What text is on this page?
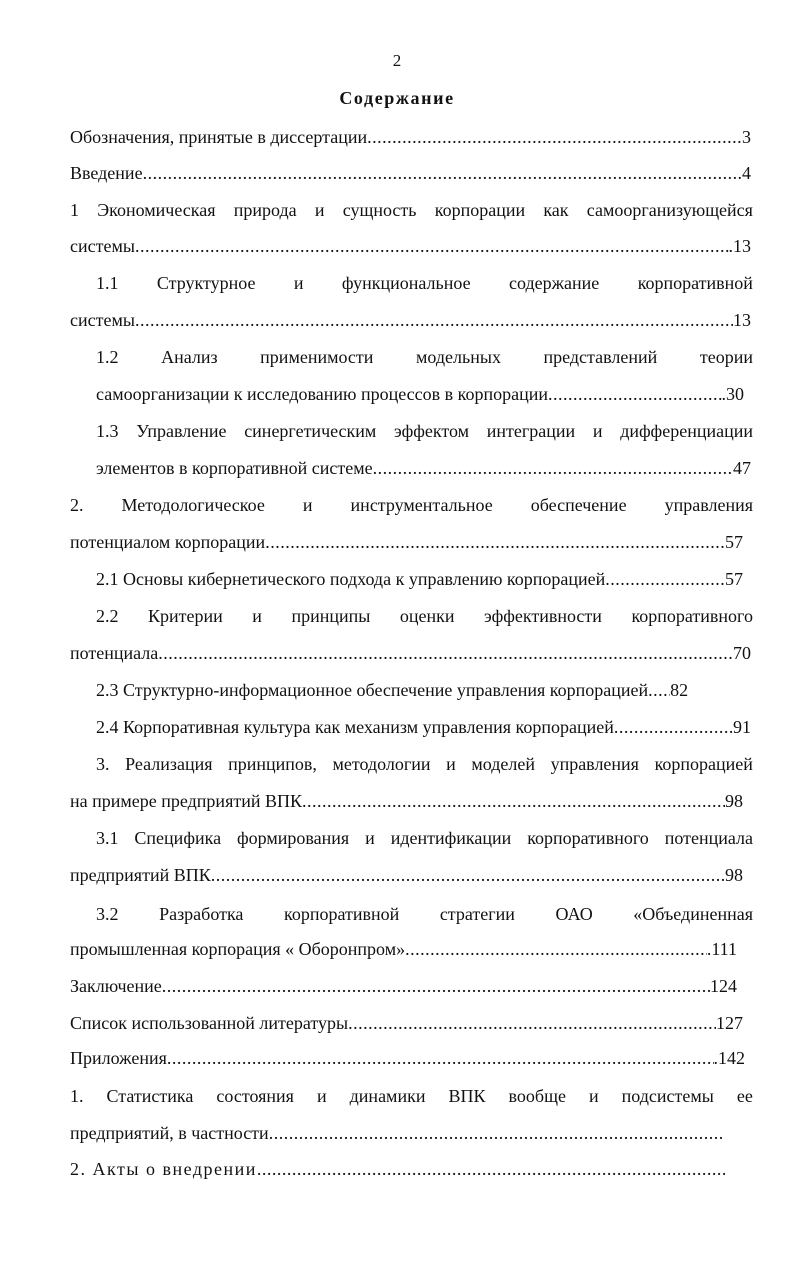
2
Содержание
Обозначения, принятые в диссертации .....	3
Введение .....	.4
1 Экономическая природа и сущность корпорации как самоорганизующейся
системы .....	.13
1.1 Структурное и функциональное содержание корпоративной
системы .....	13
1.2 Анализ применимости модельных представлений теории
самоорганизации к исследованию процессов в корпорации .....	.30
1.3 Управление синергетическим эффектом интеграции и дифференциации
элементов в корпоративной системе .....	47
2. Методологическое и инструментальное обеспечение управления
потенциалом корпорации .....	57
2.1 Основы кибернетического подхода к управлению корпорацией .....	57
2.2 Критерии и принципы оценки эффективности корпоративного
потенциала .....	70
2.3 Структурно-информационное обеспечение управления корпорацией ..... 82
2.4 Корпоративная культура как механизм управления корпорацией .....	91
3. Реализация принципов, методологии и моделей управления корпорацией
на примере предприятий ВПК .....	98
3.1 Специфика формирования и идентификации корпоративного потенциала
предприятий ВПК .....	98
3.2 Разработка корпоративной стратегии ОАО «Объединенная
промышленная корпорация « Оборонпром» .....	.111
Заключение .....	124
Список использованной литературы .....	127
Приложения .....	.142
1. Статистика состояния и динамики ВПК вообще и подсистемы ее
предприятий, в частности
.....
2. Акты о внедрении
.....
